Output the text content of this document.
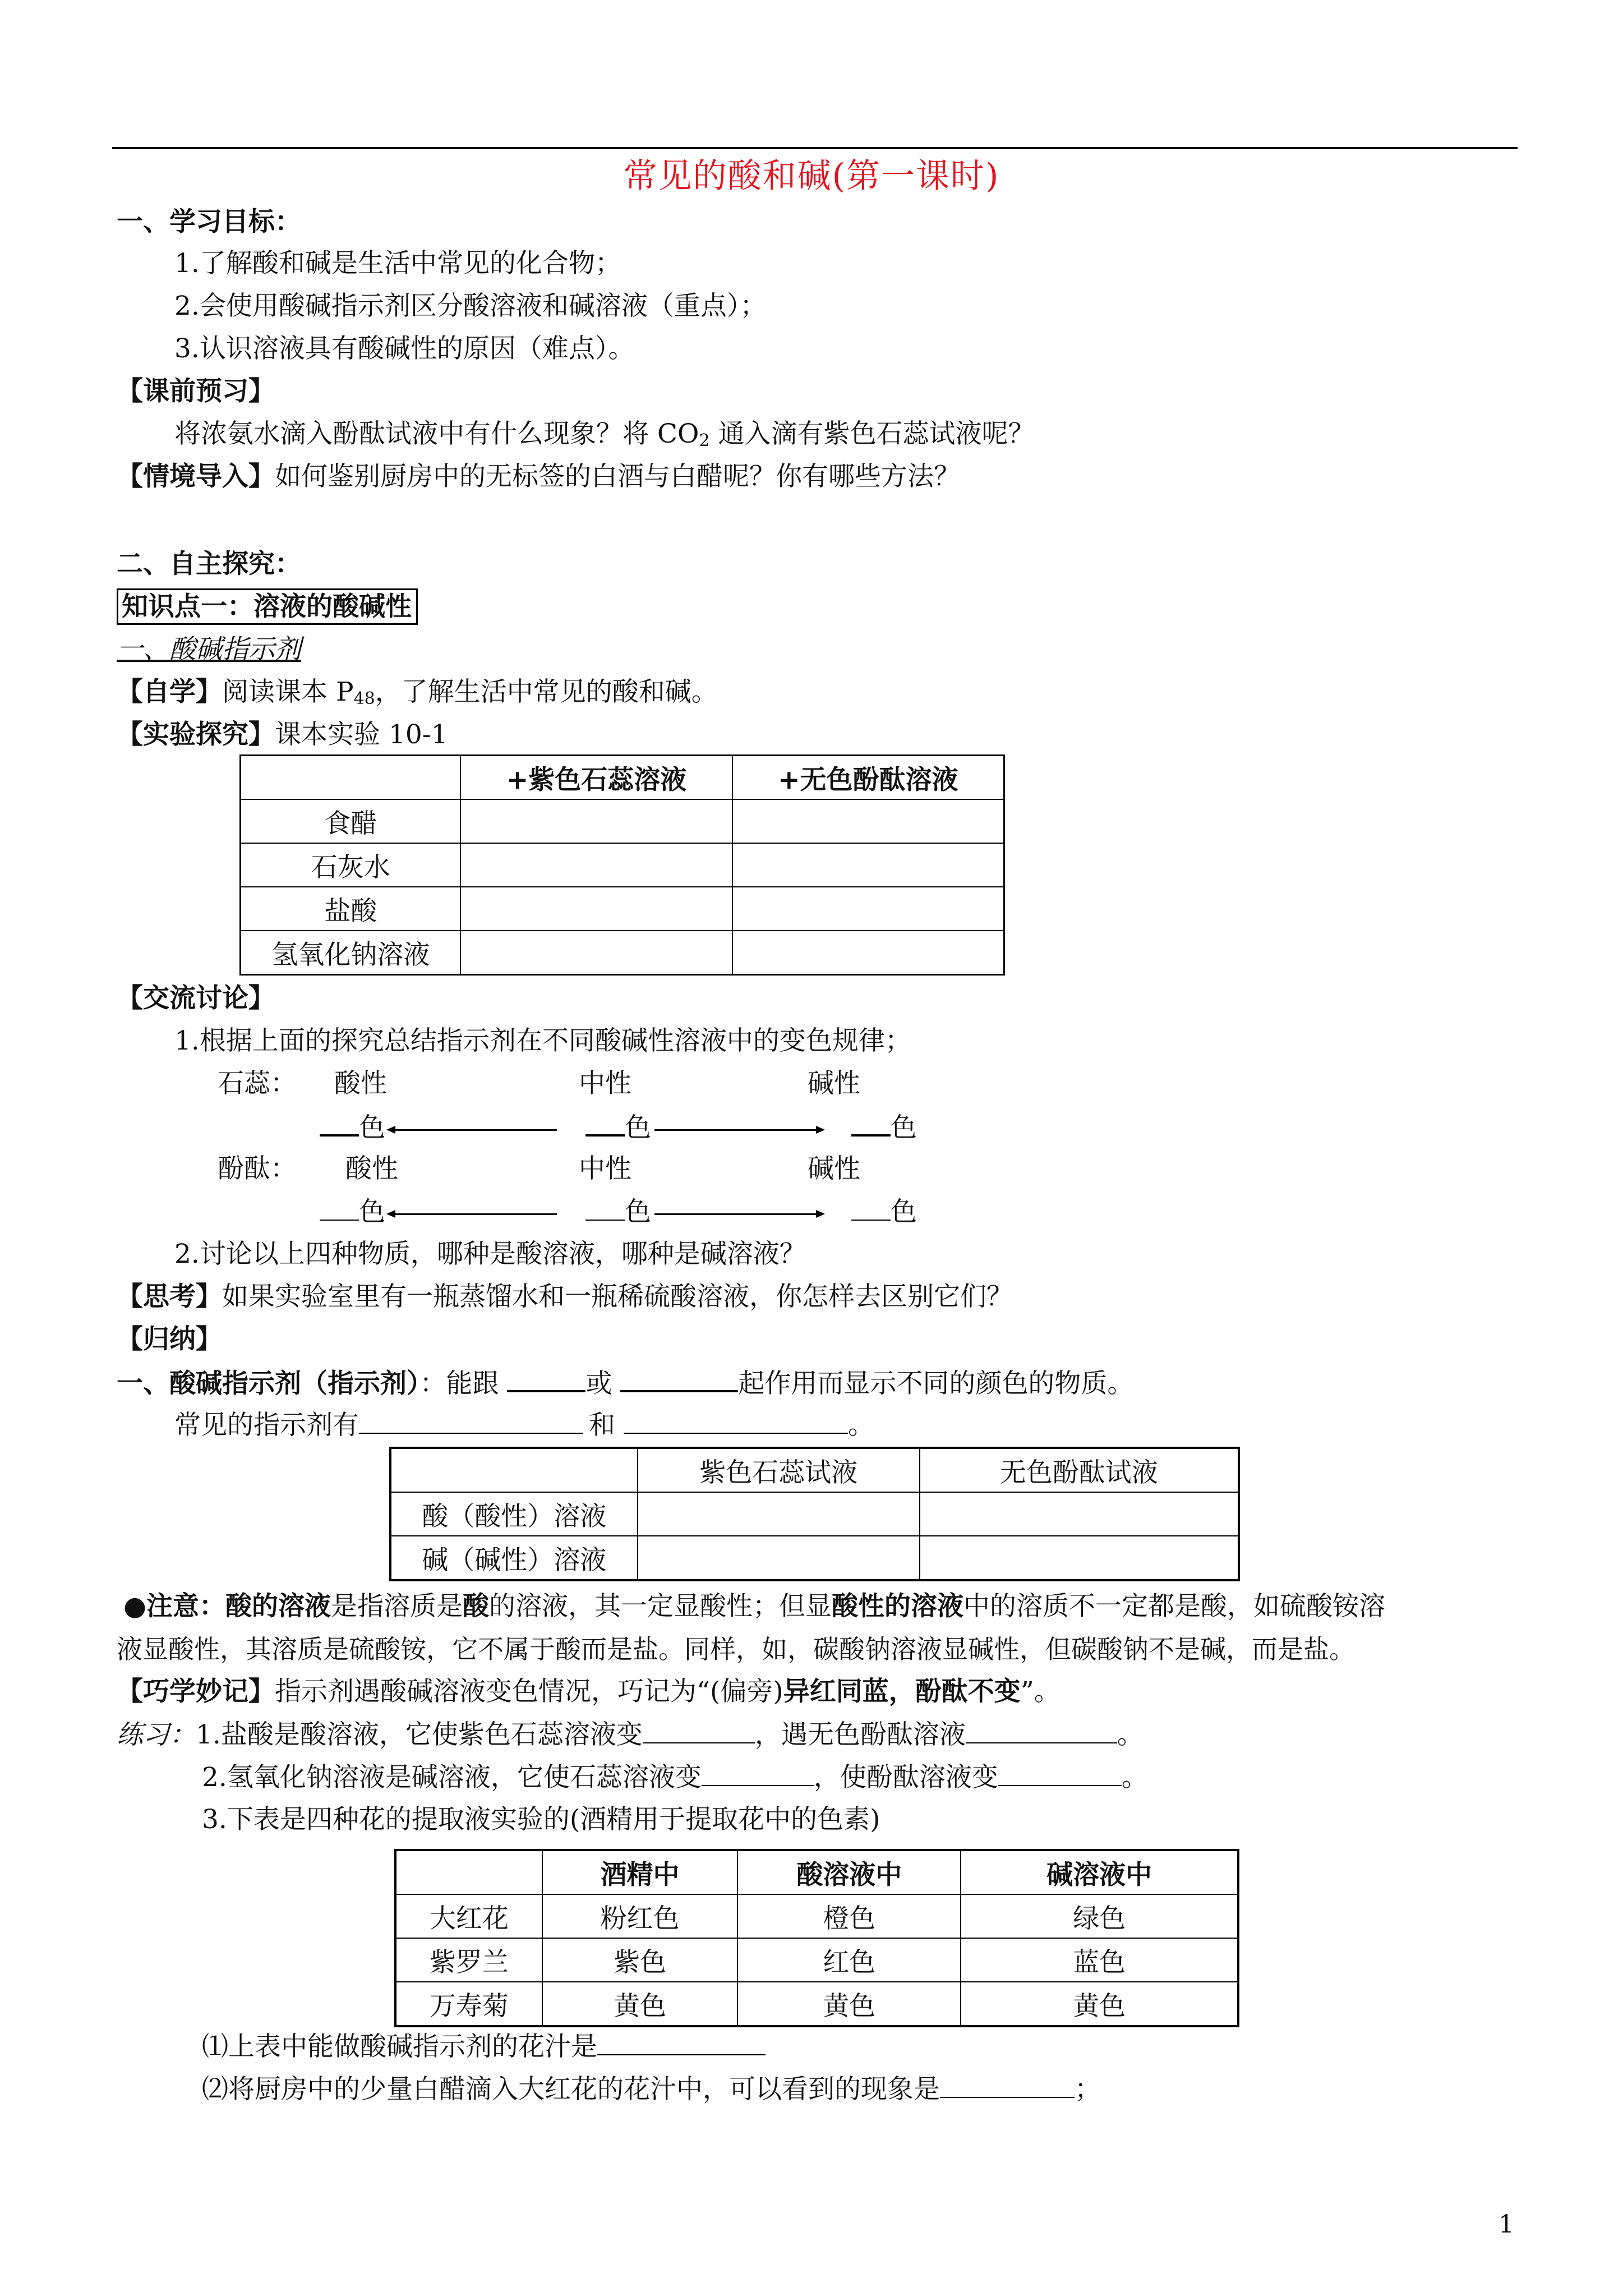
常见的酸和碱(第一课时)
一、学习目标：
1.了解酸和碱是生活中常见的化合物；
2.会使用酸碱指示剂区分酸溶液和碱溶液（重点）；
3.认识溶液具有酸碱性的原因（难点）。
【课前预习】
将浓氨水滴入酚酞试液中有什么现象？将 $CO_2$ 通入滴有紫色石蕊试液呢？
【情境导入】如何鉴别厨房中的无标签的白酒与白醋呢？你有哪些方法？
二、自主探究：
知识点一：溶液的酸碱性
一、酸碱指示剂
【自学】阅读课本 $P_{48}$，了解生活中常见的酸和碱。
【实验探究】课本实验 10-1
	+紫色石蕊溶液	+无色酚酞溶液
食醋		
石灰水		
盐酸		
氢氧化钠溶液		
【交流讨论】
1.根据上面的探究总结指示剂在不同酸碱性溶液中的变色规律；
石蕊： 酸性	中性	碱性
色	色	色
酚酞： 酸性	中性	碱性
色	色	色
2.讨论以上四种物质，哪种是酸溶液，哪种是碱溶液？
【思考】如果实验室里有一瓶蒸馏水和一瓶稀硫酸溶液，你怎样去区别它们？
【归纳】
一、酸碱指示剂（指示剂）：能跟	或	起作用而显示不同的颜色的物质。
常见的指示剂有	和	。
	紫色石蕊试液	无色酚酞试液
酸（酸性）溶液		
碱（碱性）溶液		
●注意：酸的溶液是指溶质是酸的溶液，其一定显酸性；但显酸性的溶液中的溶质不一定都是酸，如硫酸铵溶
液显酸性，其溶质是硫酸铵，它不属于酸而是盐。同样，如，碳酸钠溶液显碱性，但碳酸钠不是碱，而是盐。
【巧学妙记】指示剂遇酸碱溶液变色情况，巧记为“(偏旁)异红同蓝，酚酞不变”。
练习：1.盐酸是酸溶液，它使紫色石蕊溶液变	，遇无色酚酞溶液	。
2.氢氧化钠溶液是碱溶液，它使石蕊溶液变	，使酚酞溶液变	。
3.下表是四种花的提取液实验的(酒精用于提取花中的色素)
	酒精中	酸溶液中	碱溶液中
大红花	粉红色	橙色	绿色
紫罗兰	紫色	红色	蓝色
万寿菊	黄色	黄色	黄色
⑴上表中能做酸碱指示剂的花汁是
⑵将厨房中的少量白醋滴入大红花的花汁中，可以看到的现象是	；
1
